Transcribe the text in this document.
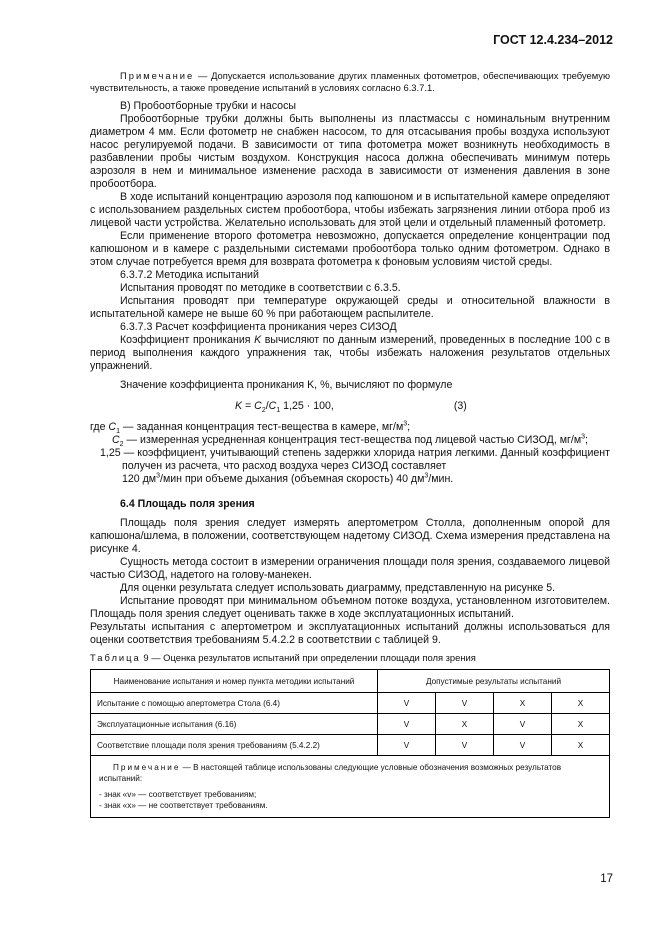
ГОСТ 12.4.234–2012

Примечание — Допускается использование других пламенных фотометров, обеспечивающих требуемую чувствительность, а также проведение испытаний в условиях согласно 6.3.7.1.

В) Пробоотборные трубки и насосы

Пробоотборные трубки должны быть выполнены из пластмассы с номинальным внутренним диаметром 4 мм. Если фотометр не снабжен насосом, то для отсасывания пробы воздуха используют насос регулируемой подачи. В зависимости от типа фотометра может возникнуть необходимость в разбавлении пробы чистым воздухом. Конструкция насоса должна обеспечивать минимум потерь аэрозоля в нем и минимальное изменение расхода в зависимости от изменения давления в зоне пробоотбора.

В ходе испытаний концентрацию аэрозоля под капюшоном и в испытательной камере определяют с использованием раздельных систем пробоотбора, чтобы избежать загрязнения линии отбора проб из лицевой части устройства. Желательно использовать для этой цели и отдельный пламенный фотометр.

Если применение второго фотометра невозможно, допускается определение концентрации под капюшоном и в камере с раздельными системами пробоотбора только одним фотометром. Однако в этом случае потребуется время для возврата фотометра к фоновым условиям чистой среды.

6.3.7.2 Методика испытаний

Испытания проводят по методике в соответствии с 6.3.5.

Испытания проводят при температуре окружающей среды и относительной влажности в испытательной камере не выше 60 % при работающем распылителе.

6.3.7.3 Расчет коэффициента проникания через СИЗОД

Коэффициент проникания K вычисляют по данным измерений, проведенных в последние 100 с в период выполнения каждого упражнения так, чтобы избежать наложения результатов отдельных упражнений.

Значение коэффициента проникания K, %, вычисляют по формуле

$K = C_2/C_1$ 1,25 · 100,	(3)

где $C_1$ — заданная концентрация тест-вещества в камере, $мг/м^3$;

$C_2$ — измеренная усредненная концентрация тест-вещества под лицевой частью СИЗОД, $мг/м^3$;

1,25 — коэффициент, учитывающий степень задержки хлорида натрия легкими. Данный коэффициент получен из расчета, что расход воздуха через СИЗОД составляет

120 $дм^3$/мин при объеме дыхания (объемная скорость) 40 $дм^3$/мин.

6.4 Площадь поля зрения

Площадь поля зрения следует измерять апертометром Столла, дополненным опорой для капюшона/шлема, в положении, соответствующем надетому СИЗОД. Схема измерения представлена на рисунке 4.

Сущность метода состоит в измерении ограничения площади поля зрения, создаваемого лицевой частью СИЗОД, надетого на голову-манекен.

Для оценки результата следует использовать диаграмму, представленную на рисунке 5.

Испытание проводят при минимальном объемном потоке воздуха, установленном изготовителем. Площадь поля зрения следует оценивать также в ходе эксплуатационных испытаний.

Результаты испытания с апертометром и эксплуатационных испытаний должны использоваться для оценки соответствия требованиям 5.4.2.2 в соответствии с таблицей 9.

Таблица 9 — Оценка результатов испытаний при определении площади поля зрения

Наименование испытания и номер пункта методики испытаний	Допустимые результаты испытаний			
Испытание с помощью апертометра Стола (6.4)	V	V	X	X
Эксплуатационные испытания (6.16)	V	X	V	X
Соответствие площади поля зрения требованиям (5.4.2.2)	V	V	V	X

Примечание — В настоящей таблице использованы следующие условные обозначения возможных результатов испытаний:
- знак «v» — соответствует требованиям;
- знак «x» — не соответствует требованиям.				
17
